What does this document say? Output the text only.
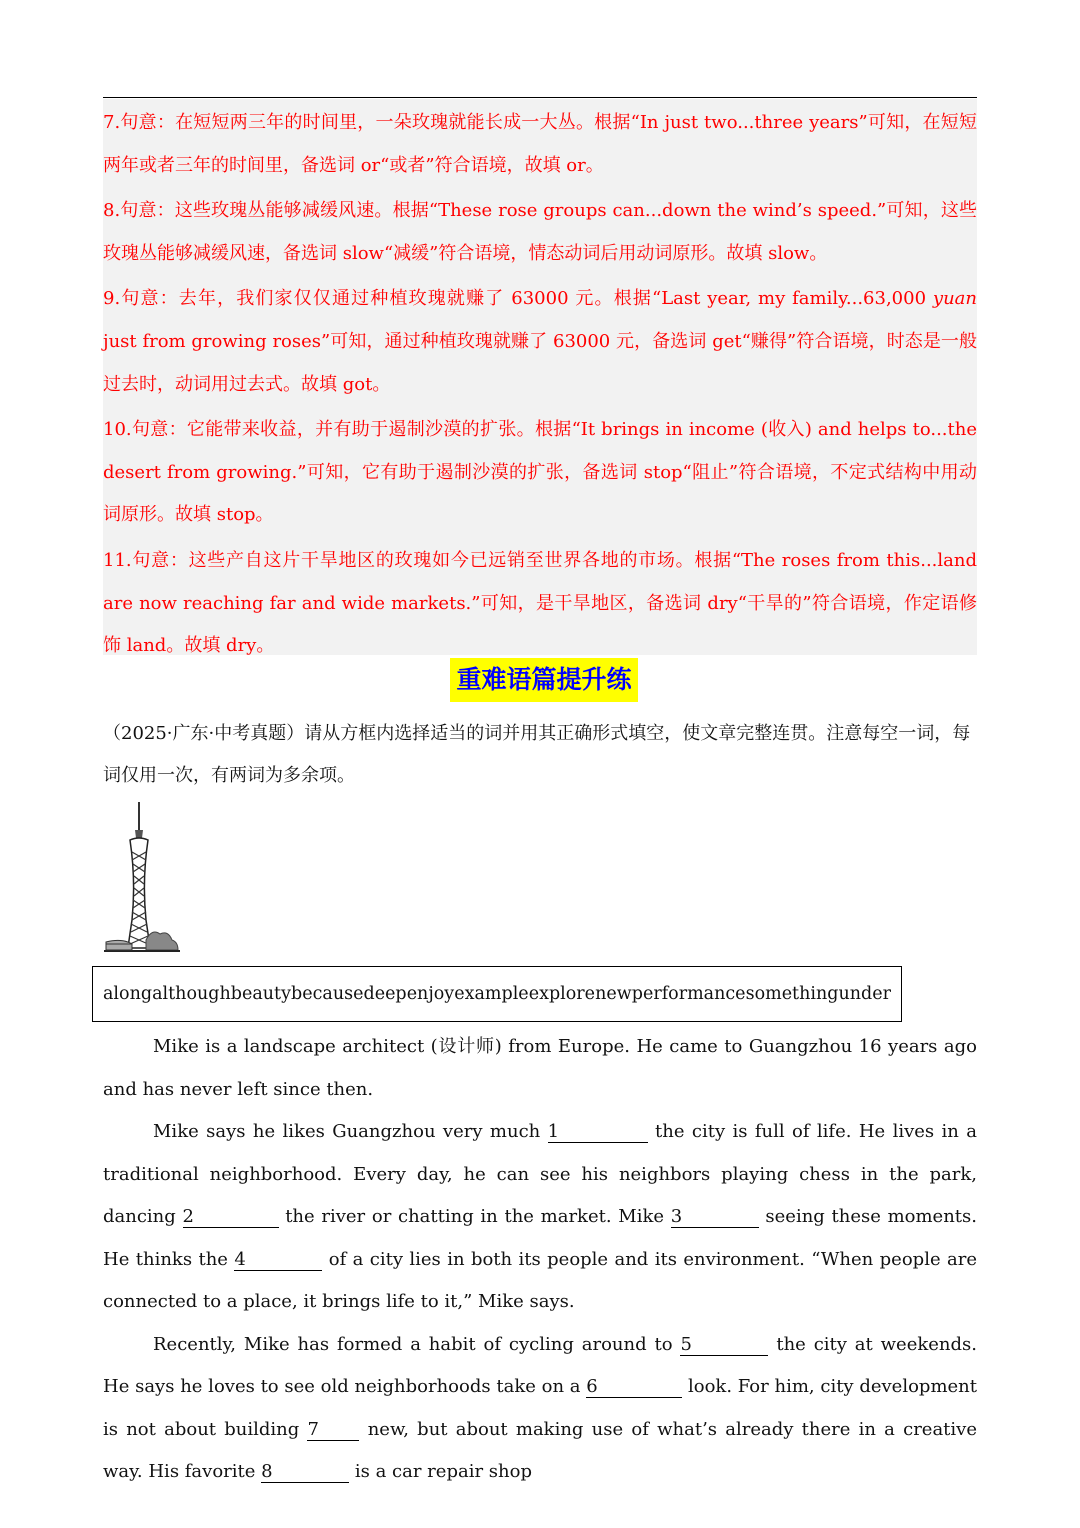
7.句意：在短短两三年的时间里，一朵玫瑰就能长成一大丛。根据“In just two...three years”可知，在短短两年或者三年的时间里，备选词 or“或者”符合语境，故填 or。

8.句意：这些玫瑰丛能够减缓风速。根据“These rose groups can...down the wind’s speed.”可知，这些玫瑰丛能够减缓风速，备选词 slow“减缓”符合语境，情态动词后用动词原形。故填 slow。

9.句意：去年，我们家仅仅通过种植玫瑰就赚了 63000 元。根据“Last year, my family...63,000 yuan just from growing roses”可知，通过种植玫瑰就赚了 63000 元，备选词 get“赚得”符合语境，时态是一般过去时，动词用过去式。故填 got。

10.句意：它能带来收益，并有助于遏制沙漠的扩张。根据“It brings in income (收入) and helps to...the desert from growing.”可知，它有助于遏制沙漠的扩张，备选词 stop“阻止”符合语境，不定式结构中用动词原形。故填 stop。

11.句意：这些产自这片干旱地区的玫瑰如今已远销至世界各地的市场。根据“The roses from this...land are now reaching far and wide markets.”可知，是干旱地区，备选词 dry“干旱的”符合语境，作定语修饰 land。故填 dry。

重难语篇提升练

（2025·广东·中考真题）请从方框内选择适当的词并用其正确形式填空，使文章完整连贯。注意每空一词，每词仅用一次，有两词为多余项。

along although beauty because deep enjoy example explore new performance something under

Mike is a landscape architect (设计师) from Europe. He came to Guangzhou 16 years ago and has never left since then.

Mike says he likes Guangzhou very much 1	the city is full of life. He lives in a traditional neighborhood. Every day, he can see his neighbors playing chess in the park, dancing 2	the river or chatting in the market. Mike 3	seeing these moments. He thinks the 4	of a city lies in both its people and its environment. “When people are connected to a place, it brings life to it,” Mike says.

Recently, Mike has formed a habit of cycling around to 5	the city at weekends. He says he loves to see old neighborhoods take on a 6	look. For him, city development is not about building 7 new, but about making use of what’s already there in a creative way. His favorite 8	is a car repair shop
